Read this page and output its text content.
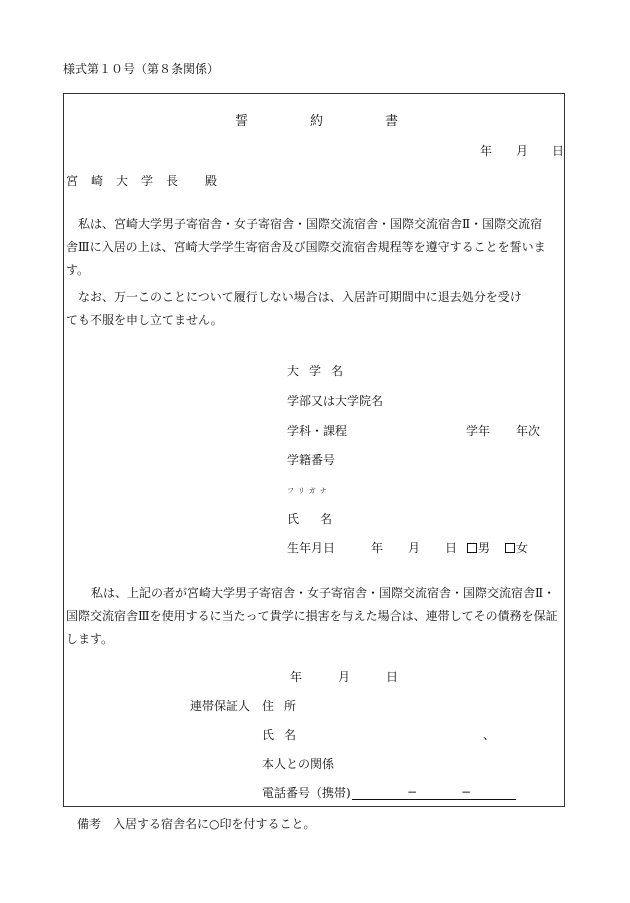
様式第１０号（第８条関係）
誓	約	書
年 月 日
宮 崎 大 学 長 殿
私は、宮崎大学男子寄宿舎・女子寄宿舎・国際交流宿舎・国際交流宿舎Ⅱ・国際交流宿
舎Ⅲに入居の上は、宮崎大学学生寄宿舎及び国際交流宿舎規程等を遵守することを誓いま
す。
なお、万一このことについて履行しない場合は、入居許可期間中に退去処分を受け
ても不服を申し立てません。
大 学 名
学部又は大学院名
学科・課程	学年 年次
学籍番号
フリガナ
氏 名
生年月日	年 月 日	男	女
私は、上記の者が宮崎大学男子寄宿舎・女子寄宿舎・国際交流宿舎・国際交流宿舎Ⅱ・
国際交流宿舎Ⅲを使用するに当たって貴学に損害を与えた場合は、連帯してその債務を保証
します。
年	月	日
連帯保証人 住 所
氏 名	、
本人との関係
電話番号（携帯)	−	−
備考　入居する宿舎名に○印を付すること。
